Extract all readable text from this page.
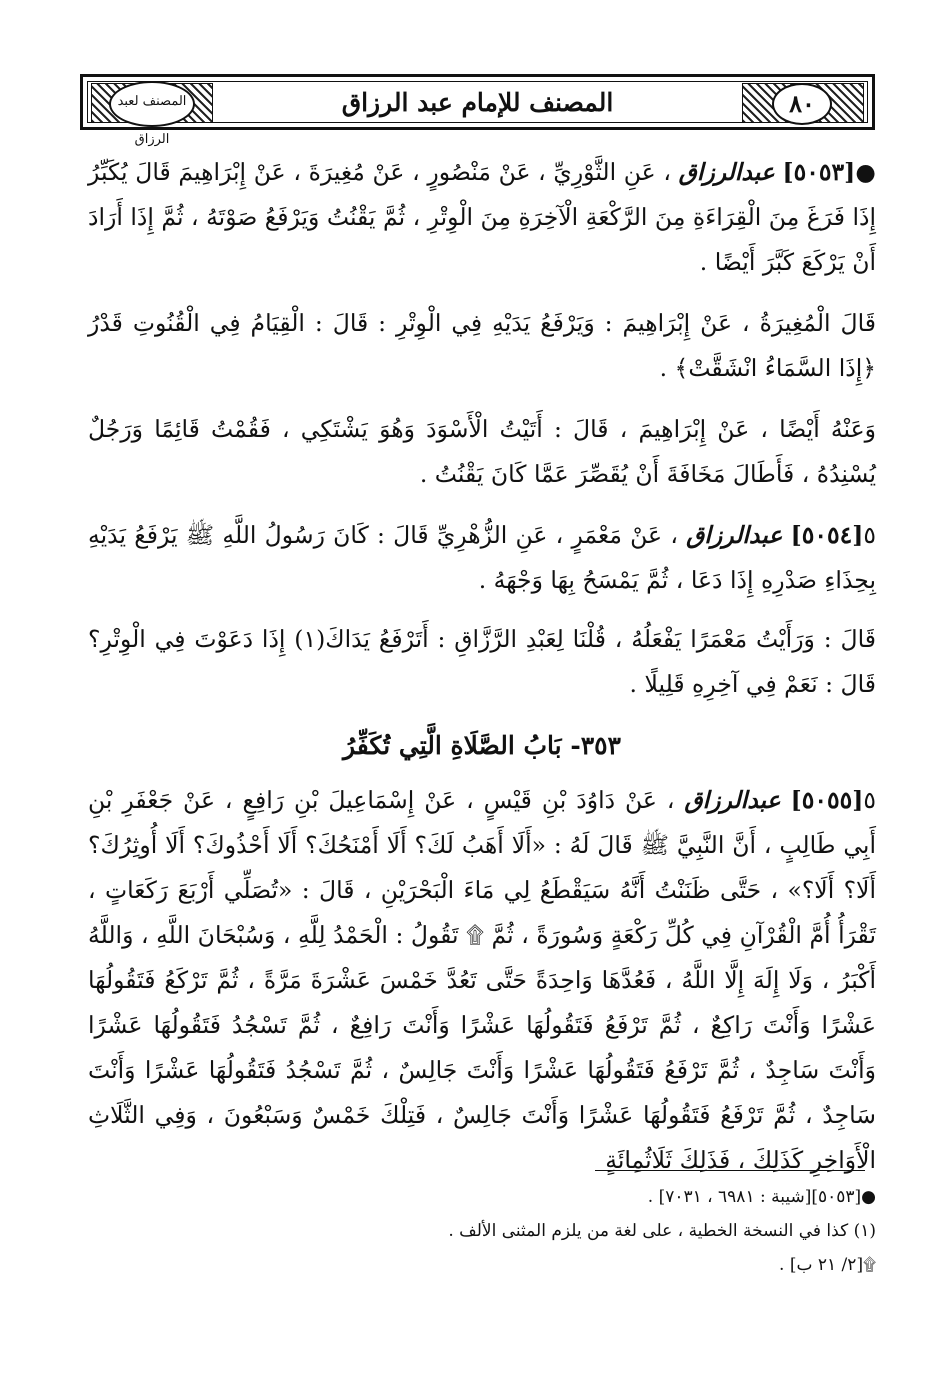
المصنف لعبد الرزاق
٨٠
المصنف للإمام عبد الرزاق

●[٥٠٥٣] عبدالرزاق ، عَنِ الثَّوْرِيِّ ، عَنْ مَنْصُورٍ ، عَنْ مُغِيرَةَ ، عَنْ إِبْرَاهِيمَ قَالَ يُكَبِّرُ إِذَا فَرَغَ مِنَ الْقِرَاءَةِ مِنَ الرَّكْعَةِ الْآخِرَةِ مِنَ الْوِتْرِ ، ثُمَّ يَقْنُتُ وَيَرْفَعُ صَوْتَهُ ، ثُمَّ إِذَا أَرَادَ أَنْ يَرْكَعَ كَبَّرَ أَيْضًا .

قَالَ الْمُغِيرَةُ ، عَنْ إِبْرَاهِيمَ : وَيَرْفَعُ يَدَيْهِ فِي الْوِتْرِ : قَالَ : الْقِيَامُ فِي الْقُنُوتِ قَدْرُ ﴿إِذَا السَّمَاءُ انْشَقَّتْ﴾ .

وَعَنْهُ أَيْضًا ، عَنْ إِبْرَاهِيمَ ، قَالَ : أَتَيْتُ الْأَسْوَدَ وَهُوَ يَشْتَكِي ، فَقُمْتُ قَائِمًا وَرَجُلٌ يُسْنِدُهُ ، فَأَطَالَ مَخَافَةَ أَنْ يُقَصِّرَ عَمَّا كَانَ يَقْنُتُ .

٥[٥٠٥٤] عبدالرزاق ، عَنْ مَعْمَرٍ ، عَنِ الزُّهْرِيِّ قَالَ : كَانَ رَسُولُ اللَّهِ ﷺ يَرْفَعُ يَدَيْهِ بِحِذَاءِ صَدْرِهِ إِذَا دَعَا ، ثُمَّ يَمْسَحُ بِهَا وَجْهَهُ .

قَالَ : وَرَأَيْتُ مَعْمَرًا يَفْعَلُهُ ، قُلْنَا لِعَبْدِ الرَّزَّاقِ : أَتَرْفَعُ يَدَاكَ(١) إِذَا دَعَوْتَ فِي الْوِتْرِ؟ قَالَ : نَعَمْ فِي آخِرِهِ قَلِيلًا .

٣٥٣- بَابُ الصَّلَاةِ الَّتِي تُكَفِّرُ

٥[٥٠٥٥] عبدالرزاق ، عَنْ دَاوُدَ بْنِ قَيْسٍ ، عَنْ إِسْمَاعِيلَ بْنِ رَافِعٍ ، عَنْ جَعْفَرِ بْنِ أَبِي طَالِبٍ ، أَنَّ النَّبِيَّ ﷺ قَالَ لَهُ : «أَلَا أَهَبُ لَكَ؟ أَلَا أَمْنَحُكَ؟ أَلَا أَحْذُوكَ؟ أَلَا أُوثِرُكَ؟ أَلَا؟ أَلَا؟» ، حَتَّى ظَنَنْتُ أَنَّهُ سَيَقْطَعُ لِي مَاءَ الْبَحْرَيْنِ ، قَالَ : «تُصَلِّي أَرْبَعَ رَكَعَاتٍ ، تَقْرَأُ أُمَّ الْقُرْآنِ فِي كُلِّ رَكْعَةٍ وَسُورَةً ، ثُمَّ ۩ تَقُولُ : الْحَمْدُ لِلَّهِ ، وَسُبْحَانَ اللَّهِ ، وَاللَّهُ أَكْبَرُ ، وَلَا إِلَهَ إِلَّا اللَّهُ ، فَعُدَّهَا وَاحِدَةً حَتَّى تَعُدَّ خَمْسَ عَشْرَةَ مَرَّةً ، ثُمَّ تَرْكَعُ فَتَقُولُهَا عَشْرًا وَأَنْتَ رَاكِعٌ ، ثُمَّ تَرْفَعُ فَتَقُولُهَا عَشْرًا وَأَنْتَ رَافِعٌ ، ثُمَّ تَسْجُدُ فَتَقُولُهَا عَشْرًا وَأَنْتَ سَاجِدٌ ، ثُمَّ تَرْفَعُ فَتَقُولُهَا عَشْرًا وَأَنْتَ جَالِسٌ ، ثُمَّ تَسْجُدُ فَتَقُولُهَا عَشْرًا وَأَنْتَ سَاجِدٌ ، ثُمَّ تَرْفَعُ فَتَقُولُهَا عَشْرًا وَأَنْتَ جَالِسٌ ، فَتِلْكَ خَمْسٌ وَسَبْعُونَ ، وَفِي الثَّلَاثِ الْأَوَاخِرِ كَذَلِكَ ، فَذَلِكَ ثَلَاثُمِائَةٍ

●[٥٠٥٣][شيبة : ٦٩٨١ ، ٧٠٣١] .
(١) كذا في النسخة الخطية ، على لغة من يلزم المثنى الألف .
۩[٢/ ٢١ ب] .
